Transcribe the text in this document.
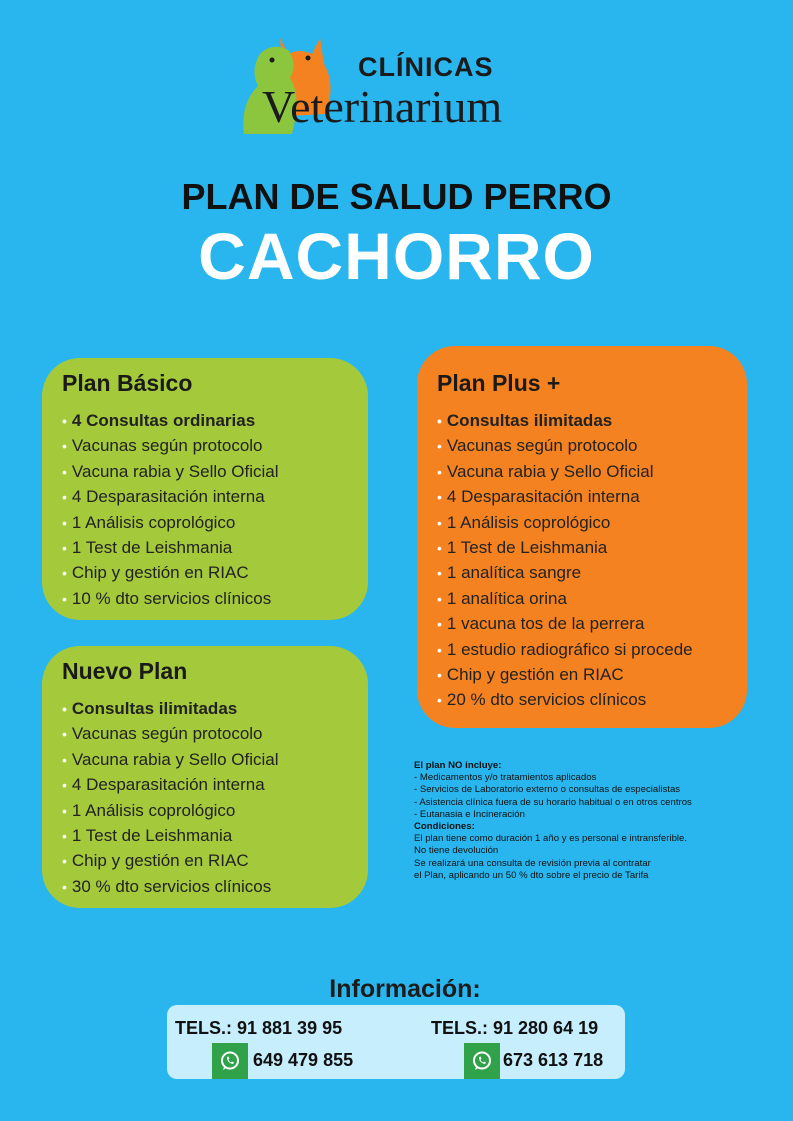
CLÍNICAS
Veterinarium
PLAN DE SALUD PERRO
CACHORRO
Plan Básico
• 4 Consultas ordinarias
• Vacunas según protocolo
• Vacuna rabia y Sello Oficial
• 4 Desparasitación interna
• 1 Análisis coprológico
• 1 Test de Leishmania
• Chip y gestión en RIAC
• 10 % dto servicios clínicos
Nuevo Plan
• Consultas ilimitadas
• Vacunas según protocolo
• Vacuna rabia y Sello Oficial
• 4 Desparasitación interna
• 1 Análisis coprológico
• 1 Test de Leishmania
• Chip y gestión en RIAC
• 30 % dto servicios clínicos
Plan Plus +
• Consultas ilimitadas
• Vacunas según protocolo
• Vacuna rabia y Sello Oficial
• 4 Desparasitación interna
• 1 Análisis coprológico
• 1 Test de Leishmania
• 1 analítica sangre
• 1 analítica orina
• 1 vacuna tos de la perrera
• 1 estudio radiográfico si procede
• Chip y gestión en RIAC
• 20 % dto servicios clínicos
El plan NO incluye:
- Medicamentos y/o tratamientos aplicados
- Servicios de Laboratorio externo o consultas de especialistas
- Asistencia clínica fuera de su horario habitual o en otros centros
- Eutanasia e Incineración
Condiciones:
El plan tiene como duración 1 año y es personal e intransferible.
No tiene devolución
Se realizará una consulta de revisión previa al contratar
el Plan, aplicando un 50 % dto sobre el precio de Tarifa
Información:
TELS.: 91 881 39 95	TELS.: 91 280 64 19
649 479 855	673 613 718
